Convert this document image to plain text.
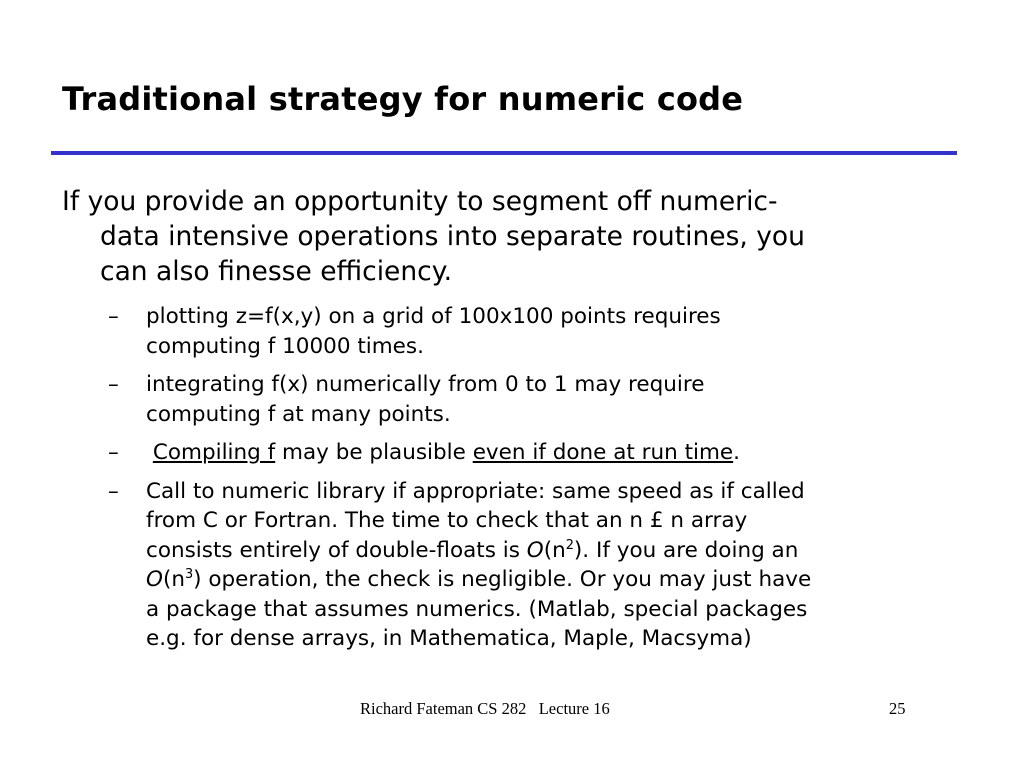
Traditional strategy for numeric code
If you provide an opportunity to segment off numeric-
data intensive operations into separate routines, you
can also finesse efficiency.
– plotting z=f(x,y) on a grid of 100x100 points requires
computing f 10000 times.
– integrating f(x) numerically from 0 to 1 may require
computing f at many points.
– Compiling f may be plausible even if done at run time.
– Call to numeric library if appropriate: same speed as if called
from C or Fortran. The time to check that an n £ n array
consists entirely of double-floats is $O(n^2)$. If you are doing an
$O(n^3)$ operation, the check is negligible. Or you may just have
a package that assumes numerics. (Matlab, special packages
e.g. for dense arrays, in Mathematica, Maple, Macsyma)
Richard Fateman CS 282   Lecture 16	25
